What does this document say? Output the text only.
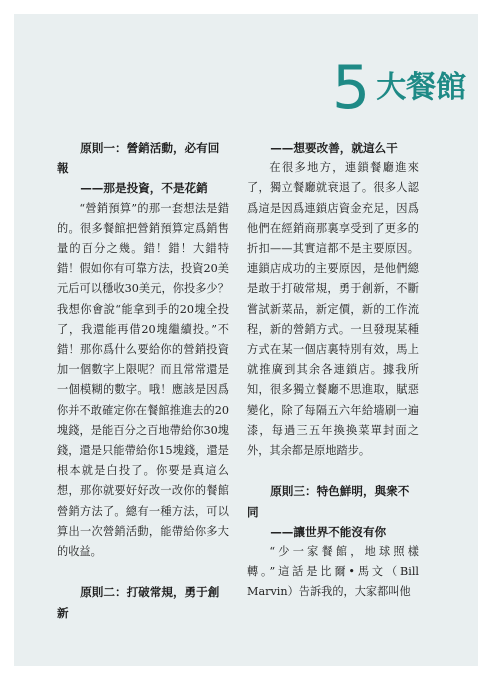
5 大餐館
原則一：營銷活動，必有回報
——那是投資，不是花銷

“營銷預算”的那一套想法是錯的。很多餐館把營銷預算定爲銷售量的百分之幾。錯！錯！大錯特錯！假如你有可靠方法，投資20美元后可以穩收30美元，你投多少？我想你會說“能拿到手的20塊全投了，我還能再借20塊繼續投。”不錯！那你爲什么要給你的營銷投資加一個數字上限呢？而且常常還是一個模糊的數字。哦！應該是因爲你并不敢確定你在餐館推進去的20塊錢，是能百分之百地帶給你30塊錢，還是只能帶給你15塊錢，還是根本就是白投了。你要是真這么想，那你就要好好改一改你的餐館營銷方法了。總有一種方法，可以算出一次營銷活動，能帶給你多大的收益。

原則二：打破常規，勇于創新
——想要改善，就這么干

在很多地方，連鎖餐廳進來了，獨立餐廳就衰退了。很多人認爲這是因爲連鎖店資金充足，因爲他們在經銷商那裏享受到了更多的折扣——其實這都不是主要原因。連鎖店成功的主要原因，是他們總是敢于打破常規，勇于創新，不斷嘗試新菜品，新定價，新的工作流程，新的營銷方式。一旦發現某種方式在某一個店裏特別有效，馬上就推廣到其余各連鎖店。據我所知，很多獨立餐廳不思進取，賦惡變化，除了每隔五六年給墻刷一遍漆，每過三五年換換菜單封面之外，其余都是原地踏步。

原則三：特色鮮明，與衆不同
——讓世界不能沒有你

“少一家餐館，地球照樣轉。”這話是比爾•馬文（Bill Marvin）告訴我的，大家都叫他
